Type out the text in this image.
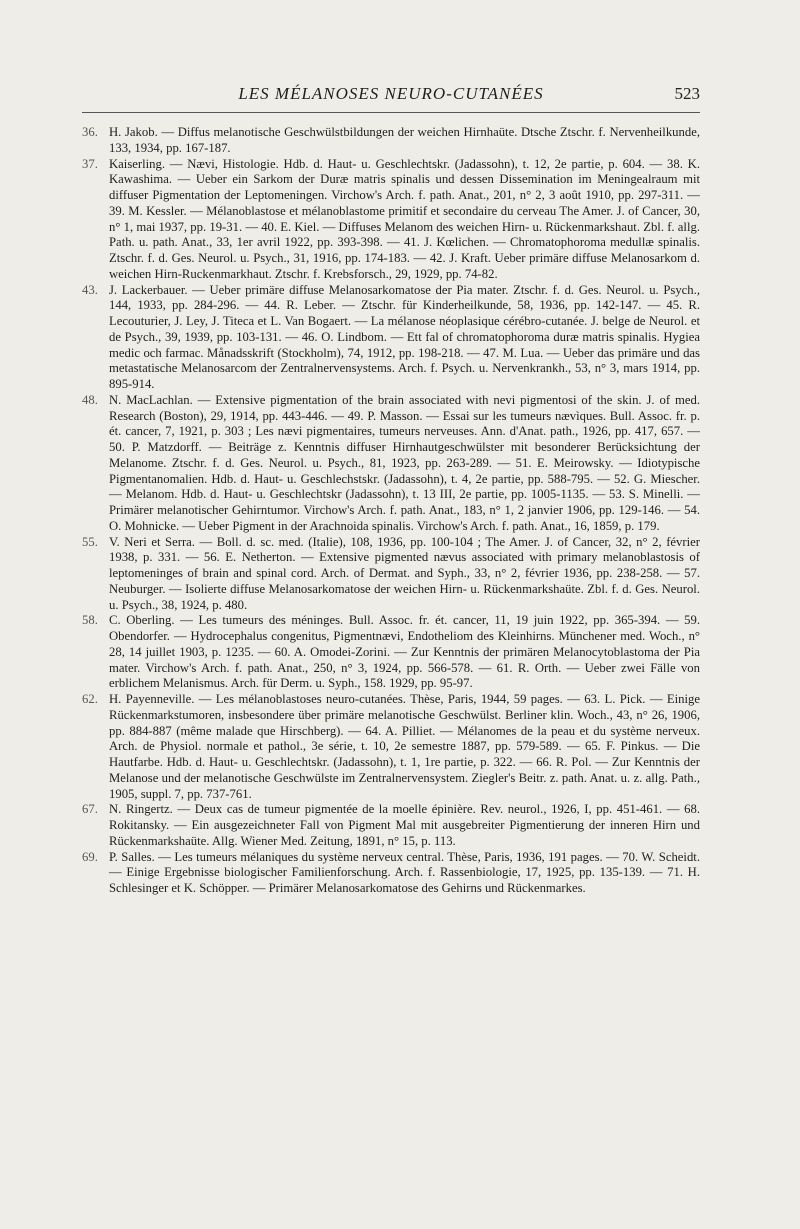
LES MÉLANOSES NEURO-CUTANÉES	523

36. H. Jakob. — Diffus melanotische Geschwülstbildungen der weichen Hirnhaüte. Dtsche Ztschr. f. Nervenheilkunde, 133, 1934, pp. 167-187.

37. Kaiserling. — Nævi, Histologie. Hdb. d. Haut- u. Geschlechtskr. (Jadassohn), t. 12, 2e partie, p. 604. — 38. K. Kawashima. — Ueber ein Sarkom der Duræ matris spinalis und dessen Dissemination im Meningealraum mit diffuser Pigmentation der Leptomeningen. Virchow's Arch. f. path. Anat., 201, n° 2, 3 août 1910, pp. 297-311. — 39. M. Kessler. — Mélanoblastose et mélanoblastome primitif et secondaire du cerveau The Amer. J. of Cancer, 30, n° 1, mai 1937, pp. 19-31. — 40. E. Kiel. — Diffuses Melanom des weichen Hirn- u. Rückenmarkshaut. Zbl. f. allg. Path. u. path. Anat., 33, 1er avril 1922, pp. 393-398. — 41. J. Kœlichen. — Chromatophoroma medullæ spinalis. Ztschr. f. d. Ges. Neurol. u. Psych., 31, 1916, pp. 174-183. — 42. J. Kraft. Ueber primäre diffuse Melanosarkom d. weichen Hirn-Ruckenmarkhaut. Ztschr. f. Krebsforsch., 29, 1929, pp. 74-82.

43. J. Lackerbauer. — Ueber primäre diffuse Melanosarkomatose der Pia mater. Ztschr. f. d. Ges. Neurol. u. Psych., 144, 1933, pp. 284-296. — 44. R. Leber. — Ztschr. für Kinderheilkunde, 58, 1936, pp. 142-147. — 45. R. Lecouturier, J. Ley, J. Titeca et L. Van Bogaert. — La mélanose néoplasique cérébro-cutanée. J. belge de Neurol. et de Psych., 39, 1939, pp. 103-131. — 46. O. Lindbom. — Ett fal of chromatophoroma duræ matris spinalis. Hygiea medic och farmac. Månadsskrift (Stockholm), 74, 1912, pp. 198-218. — 47. M. Lua. — Ueber das primäre und das metastatische Melanosarcom der Zentralnervensystems. Arch. f. Psych. u. Nervenkrankh., 53, n° 3, mars 1914, pp. 895-914.

48. N. MacLachlan. — Extensive pigmentation of the brain associated with nevi pigmentosi of the skin. J. of med. Research (Boston), 29, 1914, pp. 443-446. — 49. P. Masson. — Essai sur les tumeurs nævìques. Bull. Assoc. fr. p. ét. cancer, 7, 1921, p. 303 ; Les nævi pigmentaires, tumeurs nerveuses. Ann. d'Anat. path., 1926, pp. 417, 657. — 50. P. Matzdorff. — Beiträge z. Kenntnis diffuser Hirnhautgeschwülster mit besonderer Berücksichtung der Melanome. Ztschr. f. d. Ges. Neurol. u. Psych., 81, 1923, pp. 263-289. — 51. E. Meirowsky. — Idiotypische Pigmentanomalien. Hdb. d. Haut- u. Geschlechstskr. (Jadassohn), t. 4, 2e partie, pp. 588-795. — 52. G. Miescher. — Melanom. Hdb. d. Haut- u. Geschlechtskr (Jadassohn), t. 13 III, 2e partie, pp. 1005-1135. — 53. S. Minelli. — Primärer melanotischer Gehirntumor. Virchow's Arch. f. path. Anat., 183, n° 1, 2 janvier 1906, pp. 129-146. — 54. O. Mohnicke. — Ueber Pigment in der Arachnoida spinalis. Virchow's Arch. f. path. Anat., 16, 1859, p. 179.

55. V. Neri et Serra. — Boll. d. sc. med. (Italie), 108, 1936, pp. 100-104 ; The Amer. J. of Cancer, 32, n° 2, février 1938, p. 331. — 56. E. Netherton. — Extensive pigmented nævus associated with primary melanoblastosis of leptomeninges of brain and spinal cord. Arch. of Dermat. and Syph., 33, n° 2, février 1936, pp. 238-258. — 57. Neuburger. — Isolierte diffuse Melanosarkomatose der weichen Hirn- u. Rückenmarkshaüte. Zbl. f. d. Ges. Neurol. u. Psych., 38, 1924, p. 480.

58. C. Oberling. — Les tumeurs des méninges. Bull. Assoc. fr. ét. cancer, 11, 19 juin 1922, pp. 365-394. — 59. Obendorfer. — Hydrocephalus congenitus, Pigmentnævi, Endotheliom des Kleinhirns. Münchener med. Woch., n° 28, 14 juillet 1903, p. 1235. — 60. A. Omodei-Zorini. — Zur Kenntnis der primären Melanocytoblastoma der Pia mater. Virchow's Arch. f. path. Anat., 250, n° 3, 1924, pp. 566-578. — 61. R. Orth. — Ueber zwei Fälle von erblichem Melanismus. Arch. für Derm. u. Syph., 158. 1929, pp. 95-97.

62. H. Payenneville. — Les mélanoblastoses neuro-cutanées. Thèse, Paris, 1944, 59 pages. — 63. L. Pick. — Einige Rückenmarkstumoren, insbesondere über primäre melanotische Geschwülst. Berliner klin. Woch., 43, n° 26, 1906, pp. 884-887 (même malade que Hirschberg). — 64. A. Pilliet. — Mélanomes de la peau et du système nerveux. Arch. de Physiol. normale et pathol., 3e série, t. 10, 2e semestre 1887, pp. 579-589. — 65. F. Pinkus. — Die Hautfarbe. Hdb. d. Haut- u. Geschlechtskr. (Jadassohn), t. 1, 1re partie, p. 322. — 66. R. Pol. — Zur Kenntnis der Melanose und der melanotische Geschwülste im Zentralnervensystem. Ziegler's Beitr. z. path. Anat. u. z. allg. Path., 1905, suppl. 7, pp. 737-761.

67. N. Ringertz. — Deux cas de tumeur pigmentée de la moelle épinière. Rev. neurol., 1926, I, pp. 451-461. — 68. Rokitansky. — Ein ausgezeichneter Fall von Pigment Mal mit ausgebreiter Pigmentierung der inneren Hirn und Rückenmarkshaüte. Allg. Wiener Med. Zeitung, 1891, n° 15, p. 113.

69. P. Salles. — Les tumeurs mélaniques du système nerveux central. Thèse, Paris, 1936, 191 pages. — 70. W. Scheidt. — Einige Ergebnisse biologischer Familienforschung. Arch. f. Rassenbiologie, 17, 1925, pp. 135-139. — 71. H. Schlesinger et K. Schöpper. — Primärer Melanosarkomatose des Gehirns und Rückenmarkes.
